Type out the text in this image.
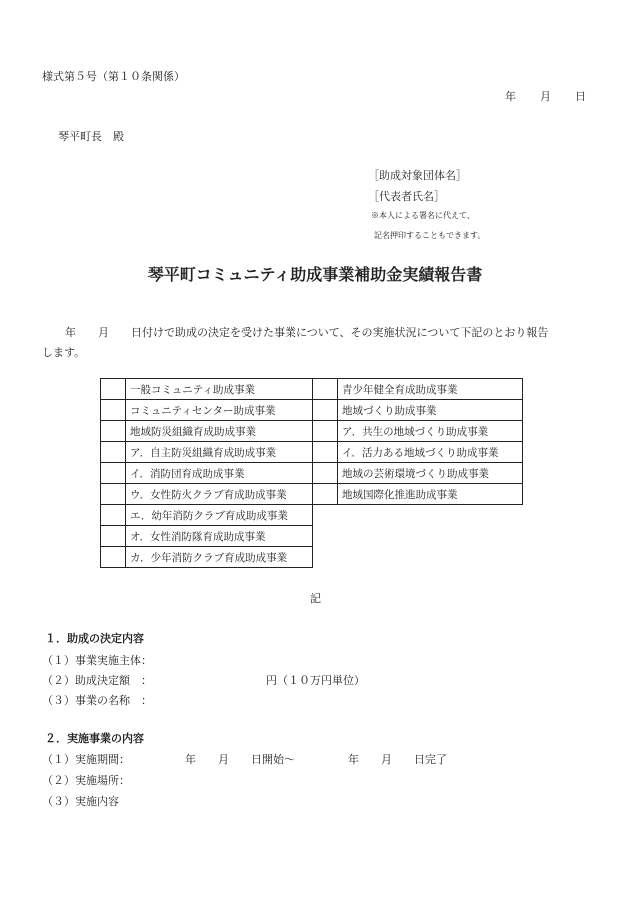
様式第５号（第１０条関係）
年 月 日
琴平町長　殿
［助成対象団体名］
［代表者氏名］
※本人による署名に代えて、
記名押印することもできます。
琴平町コミュニティ助成事業補助金実績報告書
年　　月　　日付けで助成の決定を受けた事業について、その実施状況について下記のとおり報告
します。
	一般コミュニティ助成事業		青少年健全育成助成事業
	コミュニティセンター助成事業		地域づくり助成事業
	地域防災組織育成助成事業		ア．共生の地域づくり助成事業
	ア．自主防災組織育成助成事業		イ．活力ある地域づくり助成事業
	イ．消防団育成助成事業		地域の芸術環境づくり助成事業
	ウ．女性防火クラブ育成助成事業		地域国際化推進助成事業
	エ．幼年消防クラブ育成助成事業		
	オ．女性消防隊育成助成事業		
	カ．少年消防クラブ育成助成事業		
記
１．助成の決定内容
（１）事業実施主体：
（２）助成決定額　：	円（１０万円単位）
（３）事業の名称　：
２．実施事業の内容
（１）実施期間：	年　　月　　日開始～	年　　月　　日完了
（２）実施場所：
（３）実施内容
